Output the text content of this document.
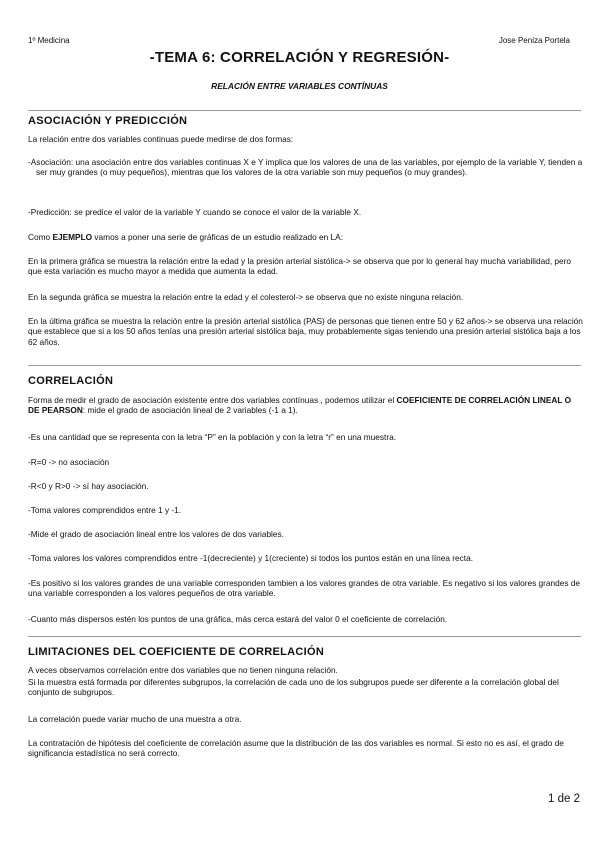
1º Medicina	Jose Peniza Portela
-TEMA 6: CORRELACIÓN Y REGRESIÓN-
RELACIÓN ENTRE VARIABLES CONTÍNUAS
ASOCIACIÓN Y PREDICCIÓN
La relación entre dos variables continuas puede medirse de dos formas:
-Asociación: una asociación entre dos variables continuas X e Y implica que los valores de una de las variables, por ejemplo de la variable Y, tienden a ser muy grandes (o muy pequeños), mientras que los valores de la otra variable son muy pequeños (o muy grandes).
-Predicción: se predice el valor de la variable Y cuando se conoce el valor de la variable X.
Como EJEMPLO vamos a poner una serie de gráficas de un estudio realizado en LA:
En la primera gráfica se muestra la relación entre la edad y la presión arterial sistólica-> se observa que por lo general hay mucha variabilidad, pero que esta variación es mucho mayor a medida que aumenta la edad.
En la segunda gráfica se muestra la relación entre la edad y el colesterol-> se observa que no existe ninguna relación.
En la última gráfica se muestra la relación entre la presión arterial sistólica (PAS) de personas que tienen entre 50 y 62 años-> se observa una relación que establece que si a los 50 años tenías una presión arterial sistólica baja, muy probablemente sigas teniendo una presión arterial sistólica baja a los 62 años.
CORRELACIÓN
Forma de medir el grado de asociación existente entre dos variables contínuas , podemos utilizar el COEFICIENTE DE CORRELACIÓN LINEAL O DE PEARSON: mide el grado de asociación lineal de 2 variables (-1 a 1).
-Es una cantidad que se representa con la letra “P” en la población y con la letra “r” en una muestra.
-R=0 -> no asociación
-R<0 y R>0 -> sí hay asociación.
-Toma valores comprendidos entre 1 y -1.
-Mide el grado de asociación lineal entre los valores de dos variables.
-Toma valores los valores comprendidos entre -1(decreciente) y 1(creciente) si todos los puntos están en una línea recta.
-Es positivo si los valores grandes de una variable corresponden tambien a los valores grandes de otra variable. Es negativo si los valores grandes de una variable corresponden a los valores pequeños de otra variable.
-Cuanto más dispersos estén los puntos de una gráfica, más cerca estará del valor 0 el coeficiente de correlación.
LIMITACIONES DEL COEFICIENTE DE CORRELACIÓN
A veces observamos correlación entre dos variables que no tienen ninguna relación.
Si la muestra está formada por diferentes subgrupos, la correlación de cada uno de los subgrupos puede ser diferente a la correlación global del conjunto de subgrupos.
La correlación puede variar mucho de una muestra a otra.
La contratación de hipótesis del coeficiente de correlación asume que la distribución de las dos variables es normal. Si esto no es así, el grado de significancia estadística no será correcto.
1 de 2
